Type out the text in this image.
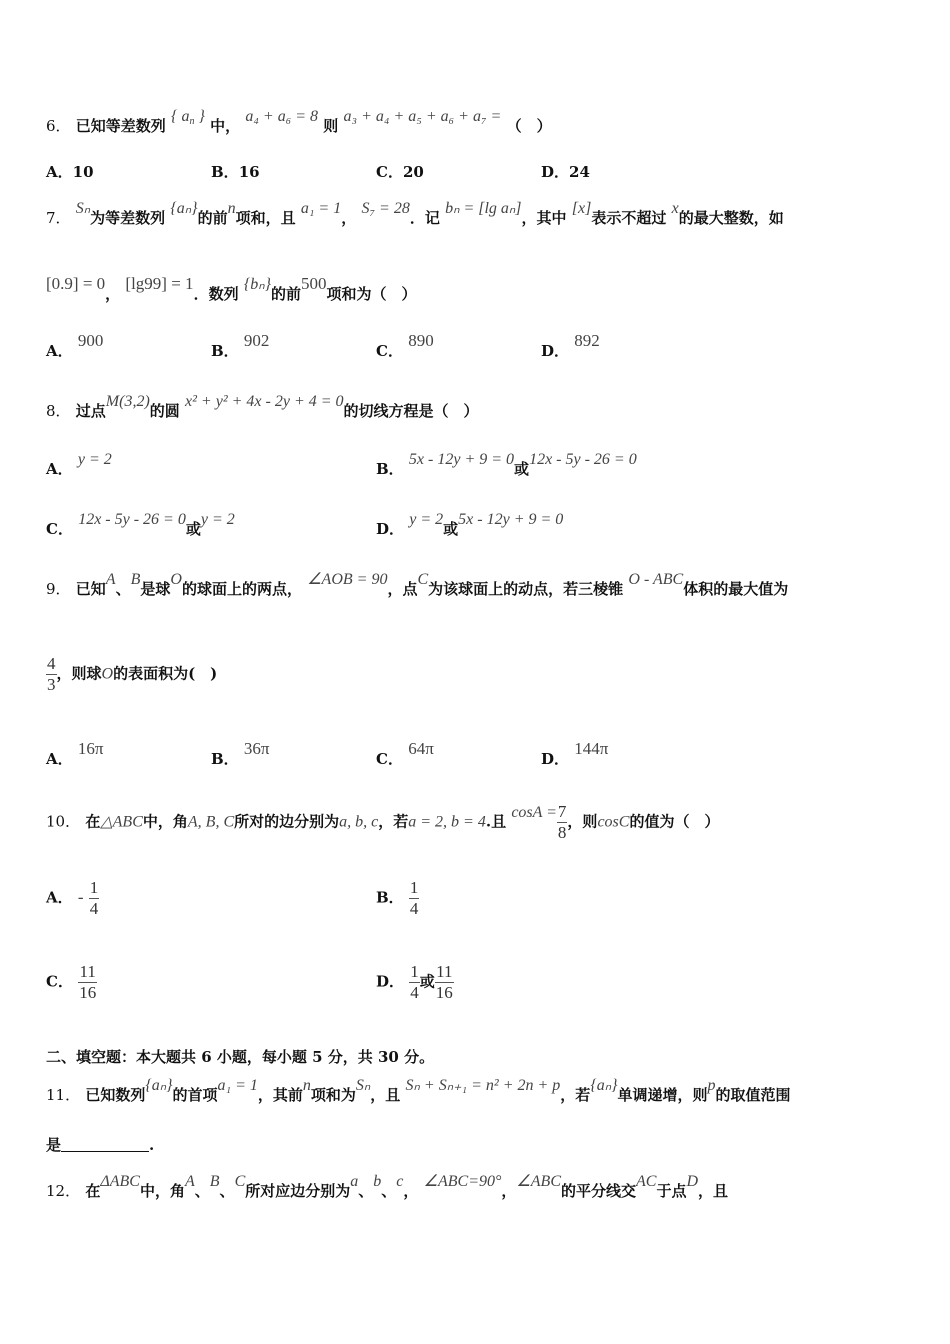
6． 已知等差数列 { $a_n$ } 中， a₄ + a₆ = 8 则 a₃ + a₄ + a₅ + a₆ + a₇ = （　）
A．10	B．16	C．20	D．24
7． Sₙ为等差数列 {aₙ}的前n项和，且 a₁ = 1， S₇ = 28．记 bₙ = [lg aₙ]，其中 [x]表示不超过 x的最大整数，如
[0.9] = 0， [lg99] = 1．数列 {bₙ}的前500项和为（　）
A． 900
B． 902
C． 890
D． 892
8． 过点M(3,2)的圆 x² + y² + 4x - 2y + 4 = 0的切线方程是（　）
A． y = 2
B． 5x - 12y + 9 = 0或12x - 5y - 26 = 0
C． 12x - 5y - 26 = 0或y = 2
D． y = 2或5x - 12y + 9 = 0
9． 已知A、B是球O的球面上的两点， ∠AOB = 90，点C为该球面上的动点，若三棱锥 O - ABC体积的最大值为
$\frac{4}{3}$ ，则球O的表面积为(　)
A． 16π
B． 36π
C． 64π
D． 144π
10． 在△ABC中，角A, B, C所对的边分别为a, b, c，若a = 2, b = 4.且 $\cos A = \frac{7}{8}$ ，则cosC的值为（　）
A． - $\frac{1}{4}$	B． $\frac{1}{4}$
C． $\frac{11}{16}$	D． $\frac{1}{4}$ 或 $\frac{11}{16}$
二、填空题：本大题共 6 小题，每小题 5 分，共 30 分。
11． 已知数列{aₙ}的首项a₁ = 1，其前n项和为Sₙ，且 Sₙ + Sₙ₊₁ = n² + 2n + p，若{aₙ}单调递增，则p的取值范围
是	.
12． 在ΔABC中，角A、B、C所对应边分别为a、b、c， ∠ABC=90°，∠ABC的平分线交AC于点D，且
